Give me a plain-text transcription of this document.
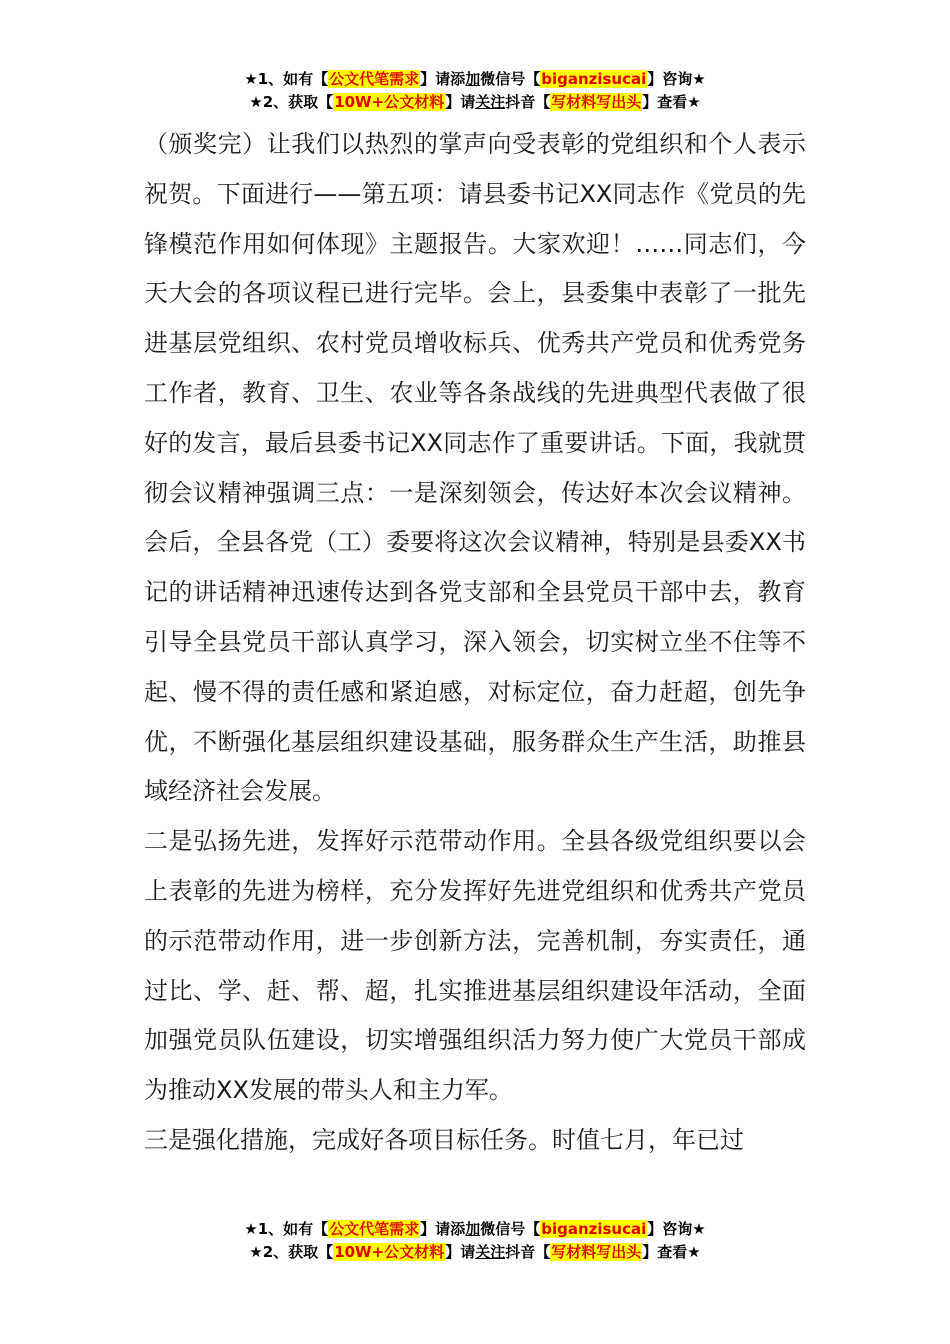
★1、如有【公文代笔需求】请添加微信号【biganzisucai】咨询★
★2、获取【10W+公文材料】请关注抖音【写材料写出头】查看★

（颁奖完）让我们以热烈的掌声向受表彰的党组织和个人表示祝贺。下面进行——第五项：请县委书记XX同志作《党员的先锋模范作用如何体现》主题报告。大家欢迎！……同志们，今天大会的各项议程已进行完毕。会上，县委集中表彰了一批先进基层党组织、农村党员增收标兵、优秀共产党员和优秀党务工作者，教育、卫生、农业等各条战线的先进典型代表做了很好的发言，最后县委书记XX同志作了重要讲话。下面，我就贯彻会议精神强调三点：一是深刻领会，传达好本次会议精神。会后，全县各党（工）委要将这次会议精神，特别是县委XX书记的讲话精神迅速传达到各党支部和全县党员干部中去，教育引导全县党员干部认真学习，深入领会，切实树立坐不住等不起、慢不得的责任感和紧迫感，对标定位，奋力赶超，创先争优，不断强化基层组织建设基础，服务群众生产生活，助推县域经济社会发展。

二是弘扬先进，发挥好示范带动作用。全县各级党组织要以会上表彰的先进为榜样，充分发挥好先进党组织和优秀共产党员的示范带动作用，进一步创新方法，完善机制，夯实责任，通过比、学、赶、帮、超，扎实推进基层组织建设年活动，全面加强党员队伍建设，切实增强组织活力努力使广大党员干部成为推动XX发展的带头人和主力军。

三是强化措施，完成好各项目标任务。时值七月，年已过

★1、如有【公文代笔需求】请添加微信号【biganzisucai】咨询★
★2、获取【10W+公文材料】请关注抖音【写材料写出头】查看★
